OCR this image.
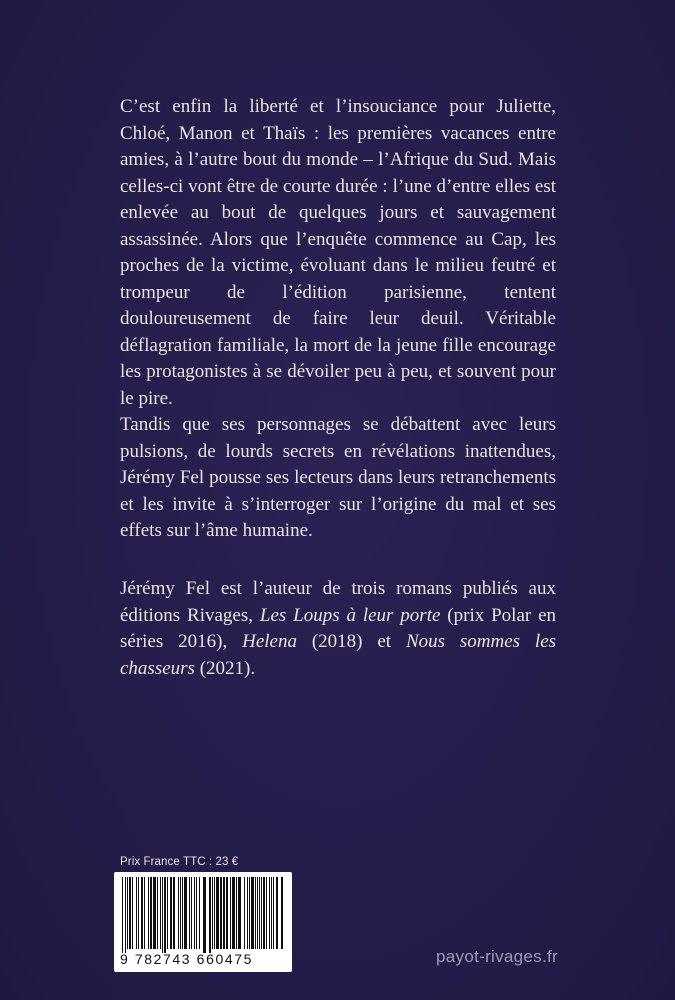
C’est enfin la liberté et l’insouciance pour Juliette, Chloé, Manon et Thaïs : les premières vacances entre amies, à l’autre bout du monde – l’Afrique du Sud. Mais celles-ci vont être de courte durée : l’une d’entre elles est enlevée au bout de quelques jours et sauvagement assassinée. Alors que l’enquête commence au Cap, les proches de la victime, évoluant dans le milieu feutré et trompeur de l’édition parisienne, tentent douloureusement de faire leur deuil. Véritable déflagration familiale, la mort de la jeune fille encourage les protagonistes à se dévoiler peu à peu, et souvent pour le pire.

Tandis que ses personnages se débattent avec leurs pulsions, de lourds secrets en révélations inattendues, Jérémy Fel pousse ses lecteurs dans leurs retranchements et les invite à s’interroger sur l’origine du mal et ses effets sur l’âme humaine.

Jérémy Fel est l’auteur de trois romans publiés aux éditions Rivages, Les Loups à leur porte (prix Polar en séries 2016), Helena (2018) et Nous sommes les chasseurs (2021).

Prix France TTC : 23 €
9 782743 660475	payot-rivages.fr
